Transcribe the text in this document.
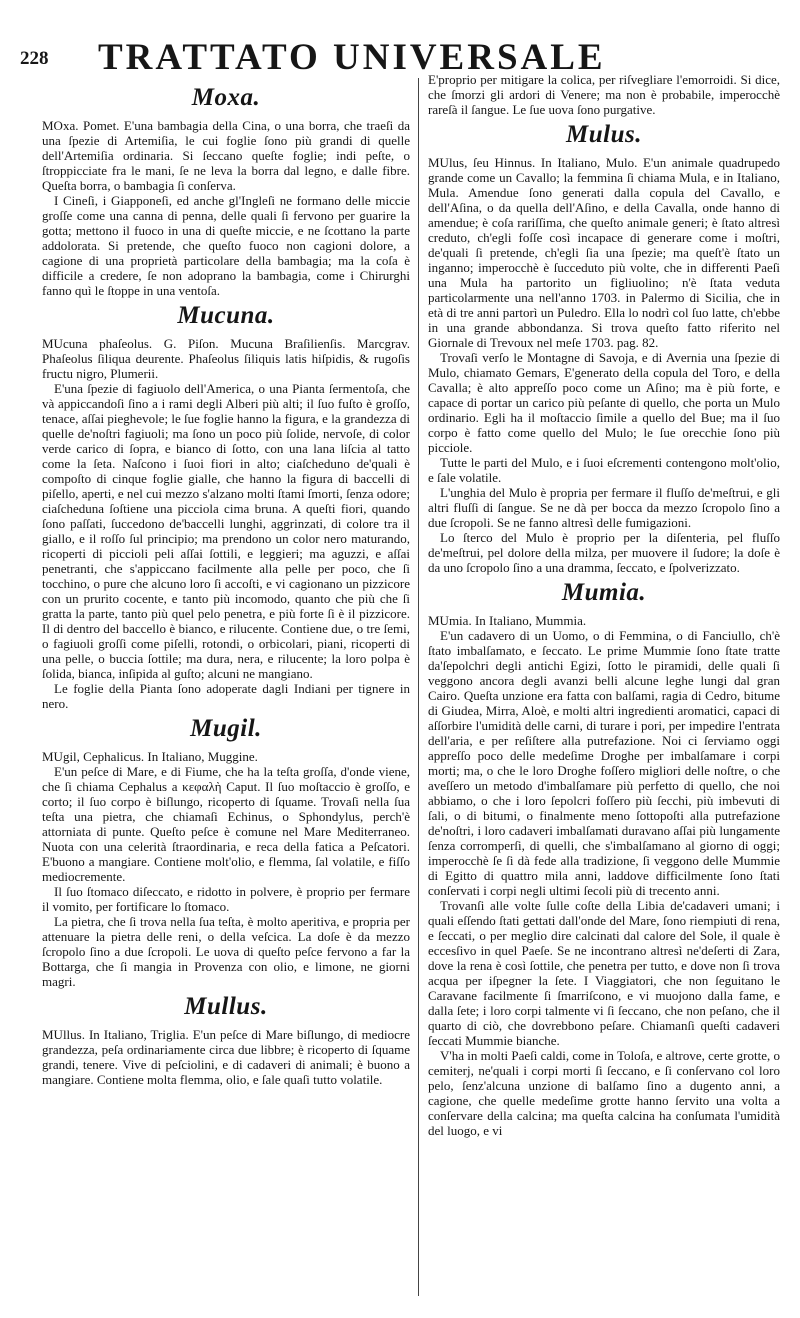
228 TRATTATO UNIVERSALE
Moxa.

MOxa. Pomet. E'una bambagia della Cina, o una borra, che traeſi da una ſpezie di Artemiſia, le cui foglie ſono più grandi di quelle dell'Artemiſia ordinaria. Si ſeccano queſte foglie; indi peſte, o ſtroppicciate fra le mani, ſe ne leva la borra dal legno, e dalle fibre. Queſta borra, o bambagia ſi conſerva.

I Cineſi, i Giapponeſi, ed anche gl'Ingleſi ne formano delle miccie groſſe come una canna di penna, delle quali ſi fervono per guarire la gotta; mettono il fuoco in una di queſte miccie, e ne ſcottano la parte addolorata. Si pretende, che queſto fuoco non cagioni dolore, a cagione di una proprietà particolare della bambagia; ma la coſa è difficile a credere, ſe non adoprano la bambagia, come i Chirurghi fanno quì le ſtoppe in una ventoſa.

Mucuna.

MUcuna phaſeolus. G. Piſon. Mucuna Braſilienſis. Marcgrav. Phaſeolus ſiliqua deurente. Phaſeolus ſiliquis latis hiſpidis, & rugoſis fructu nigro, Plumerii.

E'una ſpezie di fagiuolo dell'America, o una Pianta ſermentoſa, che và appiccandoſi ſino a i rami degli Alberi più alti; il ſuo fuſto è groſſo, tenace, aſſai pieghevole; le ſue foglie hanno la figura, e la grandezza di quelle de'noſtri fagiuoli; ma ſono un poco più ſolide, nervoſe, di color verde carico di ſopra, e bianco di ſotto, con una lana liſcia al tatto come la ſeta. Naſcono i ſuoi fiori in alto; ciaſcheduno de'quali è compoſto di cinque foglie gialle, che hanno la figura di baccelli di piſello, aperti, e nel cui mezzo s'alzano molti ſtami ſmorti, ſenza odore; ciaſcheduna ſoſtiene una picciola cima bruna. A queſti fiori, quando ſono paſſati, ſuccedono de'baccelli lunghi, aggrinzati, di colore tra il giallo, e il roſſo ſul principio; ma prendono un color nero maturando, ricoperti di piccioli peli aſſai ſottili, e leggieri; ma aguzzi, e aſſai penetranti, che s'appiccano facilmente alla pelle per poco, che ſi tocchino, o pure che alcuno loro ſi accoſti, e vi cagionano un pizzicore con un prurito cocente, e tanto più incomodo, quanto che più che ſi gratta la parte, tanto più quel pelo penetra, e più forte ſi è il pizzicore. Il di dentro del baccello è bianco, e rilucente. Contiene due, o tre ſemi, o fagiuoli groſſi come piſelli, rotondi, o orbicolari, piani, ricoperti di una pelle, o buccia ſottile; ma dura, nera, e rilucente; la loro polpa è ſolida, bianca, inſipida al guſto; alcuni ne mangiano.

Le foglie della Pianta ſono adoperate dagli Indiani per tignere in nero.

Mugil.

MUgil, Cephalicus. In Italiano, Muggine.

E'un peſce di Mare, e di Fiume, che ha la teſta groſſa, d'onde viene, che ſi chiama Cephalus a κεφαλὴ Caput. Il ſuo moſtaccio è groſſo, e corto; il ſuo corpo è biſlungo, ricoperto di ſquame. Trovaſi nella ſua teſta una pietra, che chiamaſi Echinus, o Sphondylus, perch'è attorniata di punte. Queſto peſce è comune nel Mare Mediterraneo. Nuota con una celerità ſtraordinaria, e reca della fatica a Peſcatori. E'buono a mangiare. Contiene molt'olio, e flemma, ſal volatile, e fiſſo mediocremente.

Il ſuo ſtomaco diſeccato, e ridotto in polvere, è proprio per fermare il vomito, per fortificare lo ſtomaco.

La pietra, che ſi trova nella ſua teſta, è molto aperitiva, e propria per attenuare la pietra delle reni, o della veſcica. La doſe è da mezzo ſcropolo ſino a due ſcropoli. Le uova di queſto peſce fervono a far la Bottarga, che ſi mangia in Provenza con olio, e limone, ne giorni magri.

Mullus.

MUllus. In Italiano, Triglia. E'un peſce di Mare biſlungo, di mediocre grandezza, peſa ordinariamente circa due libbre; è ricoperto di ſquame grandi, tenere. Vive di peſciolini, e di cadaveri di animali; è buono a mangiare. Contiene molta flemma, olio, e ſale quaſi tutto volatile.

E'proprio per mitigare la colica, per riſvegliare l'emorroidi. Si dice, che ſmorzi gli ardori di Venere; ma non è probabile, imperocchè rareſà il ſangue. Le ſue uova ſono purgative.

Mulus.

MUlus, ſeu Hinnus. In Italiano, Mulo. E'un animale quadrupedo grande come un Cavallo; la femmina ſi chiama Mula, e in Italiano, Mula. Amendue ſono generati dalla copula del Cavallo, e dell'Aſina, o da quella dell'Aſino, e della Cavalla, onde hanno di amendue; è coſa rariſſima, che queſto animale generi; è ſtato altresì creduto, ch'egli foſſe così incapace di generare come i moſtri, de'quali ſi pretende, ch'egli ſia una ſpezie; ma queſt'è ſtato un inganno; imperocchè è ſucceduto più volte, che in differenti Paeſi una Mula ha partorito un figliuolino; n'è ſtata veduta particolarmente una nell'anno 1703. in Palermo di Sicilia, che in età di tre anni partorì un Puledro. Ella lo nodrì col ſuo latte, ch'ebbe in una grande abbondanza. Si trova queſto fatto riferito nel Giornale di Trevoux nel meſe 1703. pag. 82.

Trovaſi verſo le Montagne di Savoja, e di Avernia una ſpezie di Mulo, chiamato Gemars, E'generato della copula del Toro, e della Cavalla; è alto appreſſo poco come un Aſino; ma è più forte, e capace di portar un carico più peſante di quello, che porta un Mulo ordinario. Egli ha il moſtaccio ſimile a quello del Bue; ma il ſuo corpo è fatto come quello del Mulo; le ſue orecchie ſono più picciole.

Tutte le parti del Mulo, e i ſuoi eſcrementi contengono molt'olio, e ſale volatile.

L'unghia del Mulo è propria per fermare il fluſſo de'meſtrui, e gli altri fluſſi di ſangue. Se ne dà per bocca da mezzo ſcropolo ſino a due ſcropoli. Se ne fanno altresì delle fumigazioni.

Lo ſterco del Mulo è proprio per la diſenteria, pel fluſſo de'meſtrui, pel dolore della milza, per muovere il ſudore; la doſe è da uno ſcropolo ſino a una dramma, ſeccato, e ſpolverizzato.

Mumia.

MUmia. In Italiano, Mummia.

E'un cadavero di un Uomo, o di Femmina, o di Fanciullo, ch'è ſtato imbalſamato, e ſeccato. Le prime Mummie ſono ſtate tratte da'ſepolchri degli antichi Egizi, ſotto le piramidi, delle quali ſi veggono ancora degli avanzi belli alcune leghe lungi dal gran Cairo. Queſta unzione era fatta con balſami, ragia di Cedro, bitume di Giudea, Mirra, Aloè, e molti altri ingredienti aromatici, capaci di aſſorbire l'umidità delle carni, di turare i pori, per impedire l'entrata dell'aria, e per reſiſtere alla putrefazione. Noi ci ſerviamo oggi appreſſo poco delle medeſime Droghe per imbalſamare i corpi morti; ma, o che le loro Droghe foſſero migliori delle noſtre, o che aveſſero un metodo d'imbalſamare più perfetto di quello, che noi abbiamo, o che i loro ſepolcri foſſero più ſecchi, più imbevuti di ſali, o di bitumi, o finalmente meno ſottopoſti alla putrefazione de'noſtri, i loro cadaveri imbalſamati duravano aſſai più lungamente ſenza corromperſi, di quelli, che s'imbalſamano al giorno di oggi; imperocchè ſe ſi dà fede alla tradizione, ſi veggono delle Mummie di Egitto di quattro mila anni, laddove difficilmente ſono ſtati conſervati i corpi negli ultimi ſecoli più di trecento anni.

Trovanſi alle volte ſulle coſte della Libia de'cadaveri umani; i quali eſſendo ſtati gettati dall'onde del Mare, ſono riempiuti di rena, e ſeccati, o per meglio dire calcinati dal calore del Sole, il quale è eccesſivo in quel Paeſe. Se ne incontrano altresì ne'deſerti di Zara, dove la rena è così ſottile, che penetra per tutto, e dove non ſi trova acqua per iſpegner la ſete. I Viaggiatori, che non ſeguitano le Caravane facilmente ſi ſmarriſcono, e vi muojono dalla fame, e dalla ſete; i loro corpi talmente vi ſi ſeccano, che non peſano, che il quarto di ciò, che dovrebbono peſare. Chiamanſi queſti cadaveri ſeccati Mummie bianche.

V'ha in molti Paeſi caldi, come in Toloſa, e altrove, certe grotte, o cemiterj, ne'quali i corpi morti ſi ſeccano, e ſi conſervano col loro pelo, ſenz'alcuna unzione di balſamo ſino a dugento anni, a cagione, che quelle medeſime grotte hanno ſervito una volta a conſervare della calcina; ma queſta calcina ha conſumata l'umidità del luogo, e vi
